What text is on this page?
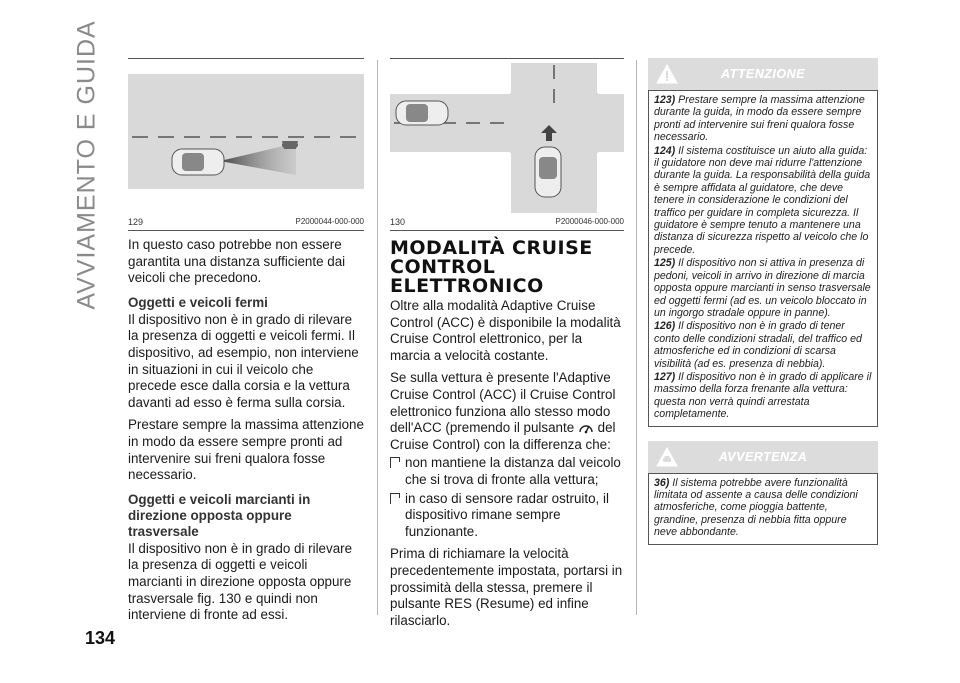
AVVIAMENTO E GUIDA	129	P2000044-000-000

In questo caso potrebbe non essere garantita una distanza sufficiente dai veicoli che precedono.

Oggetti e veicoli fermi

Il dispositivo non è in grado di rilevare la presenza di oggetti e veicoli fermi. Il dispositivo, ad esempio, non interviene in situazioni in cui il veicolo che precede esce dalla corsia e la vettura davanti ad esso è ferma sulla corsia.

Prestare sempre la massima attenzione in modo da essere sempre pronti ad intervenire sui freni qualora fosse necessario.

Oggetti e veicoli marcianti in direzione opposta oppure trasversale

Il dispositivo non è in grado di rilevare la presenza di oggetti e veicoli marcianti in direzione opposta oppure trasversale fig. 130 e quindi non interviene di fronte ad essi.

130	P2000046-000-000
MODALITÀ CRUISE CONTROL ELETTRONICO

Oltre alla modalità Adaptive Cruise Control (ACC) è disponibile la modalità Cruise Control elettronico, per la marcia a velocità costante.

Se sulla vettura è presente l'Adaptive Cruise Control (ACC) il Cruise Control elettronico funziona allo stesso modo dell'ACC (premendo il pulsante del Cruise Control) con la differenza che:

non mantiene la distanza dal veicolo che si trova di fronte alla vettura;
in caso di sensore radar ostruito, il dispositivo rimane sempre funzionante.

Prima di richiamare la velocità precedentemente impostata, portarsi in prossimità della stessa, premere il pulsante RES (Resume) ed infine rilasciarlo.

ATTENZIONE
123) Prestare sempre la massima attenzione durante la guida, in modo da essere sempre pronti ad intervenire sui freni qualora fosse necessario.
124) Il sistema costituisce un aiuto alla guida: il guidatore non deve mai ridurre l'attenzione durante la guida. La responsabilità della guida è sempre affidata al guidatore, che deve tenere in considerazione le condizioni del traffico per guidare in completa sicurezza. Il guidatore è sempre tenuto a mantenere una distanza di sicurezza rispetto al veicolo che lo precede.
125) Il dispositivo non si attiva in presenza di pedoni, veicoli in arrivo in direzione di marcia opposta oppure marcianti in senso trasversale ed oggetti fermi (ad es. un veicolo bloccato in un ingorgo stradale oppure in panne).
126) Il dispositivo non è in grado di tener conto delle condizioni stradali, del traffico ed atmosferiche ed in condizioni di scarsa visibilità (ad es. presenza di nebbia).
127) Il dispositivo non è in grado di applicare il massimo della forza frenante alla vettura: questa non verrà quindi arrestata completamente.
AVVERTENZA
36) Il sistema potrebbe avere funzionalità limitata od assente a causa delle condizioni atmosferiche, come pioggia battente, grandine, presenza di nebbia fitta oppure neve abbondante.
134
